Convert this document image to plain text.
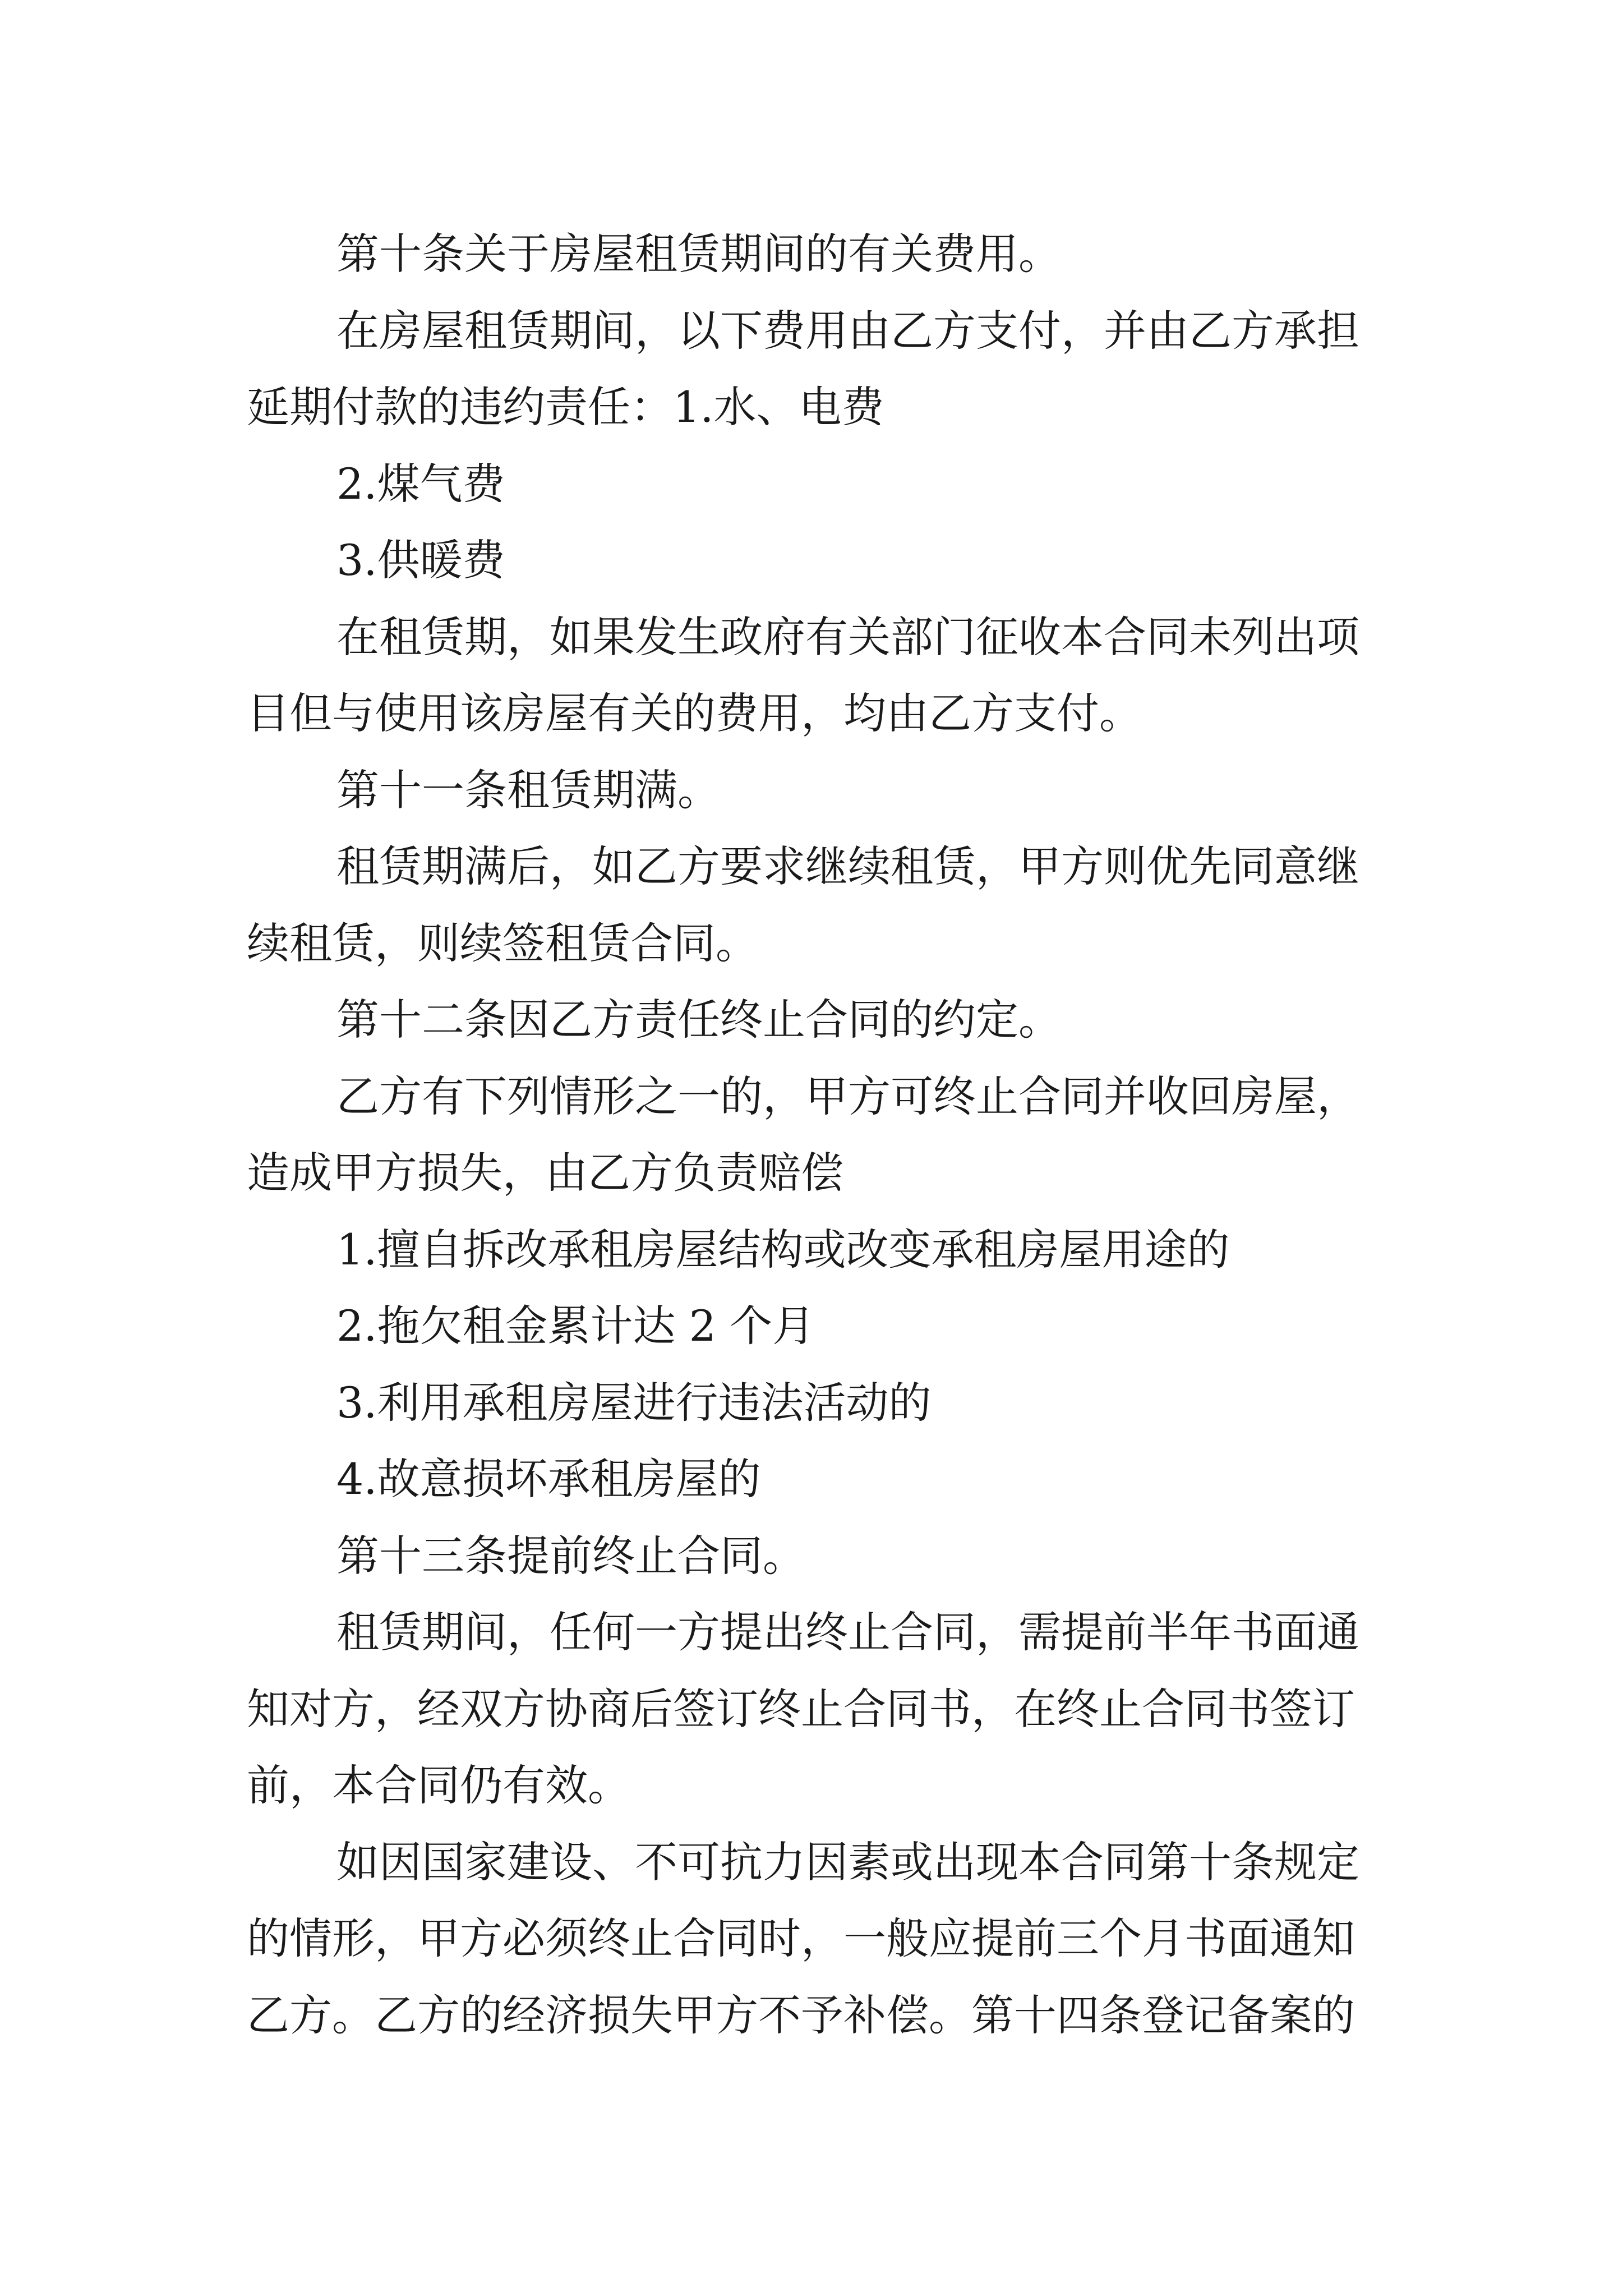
第十条关于房屋租赁期间的有关费用。
在房屋租赁期间，以下费用由乙方支付，并由乙方承担
延期付款的违约责任：1.水、电费
2.煤气费
3.供暖费
在租赁期，如果发生政府有关部门征收本合同未列出项
目但与使用该房屋有关的费用，均由乙方支付。
第十一条租赁期满。
租赁期满后，如乙方要求继续租赁，甲方则优先同意继
续租赁，则续签租赁合同。
第十二条因乙方责任终止合同的约定。
乙方有下列情形之一的，甲方可终止合同并收回房屋，
造成甲方损失，由乙方负责赔偿
1.擅自拆改承租房屋结构或改变承租房屋用途的
2.拖欠租金累计达 2 个月
3.利用承租房屋进行违法活动的
4.故意损坏承租房屋的
第十三条提前终止合同。
租赁期间，任何一方提出终止合同，需提前半年书面通
知对方，经双方协商后签订终止合同书，在终止合同书签订
前，本合同仍有效。
如因国家建设、不可抗力因素或出现本合同第十条规定
的情形，甲方必须终止合同时，一般应提前三个月书面通知
乙方。乙方的经济损失甲方不予补偿。第十四条登记备案的
